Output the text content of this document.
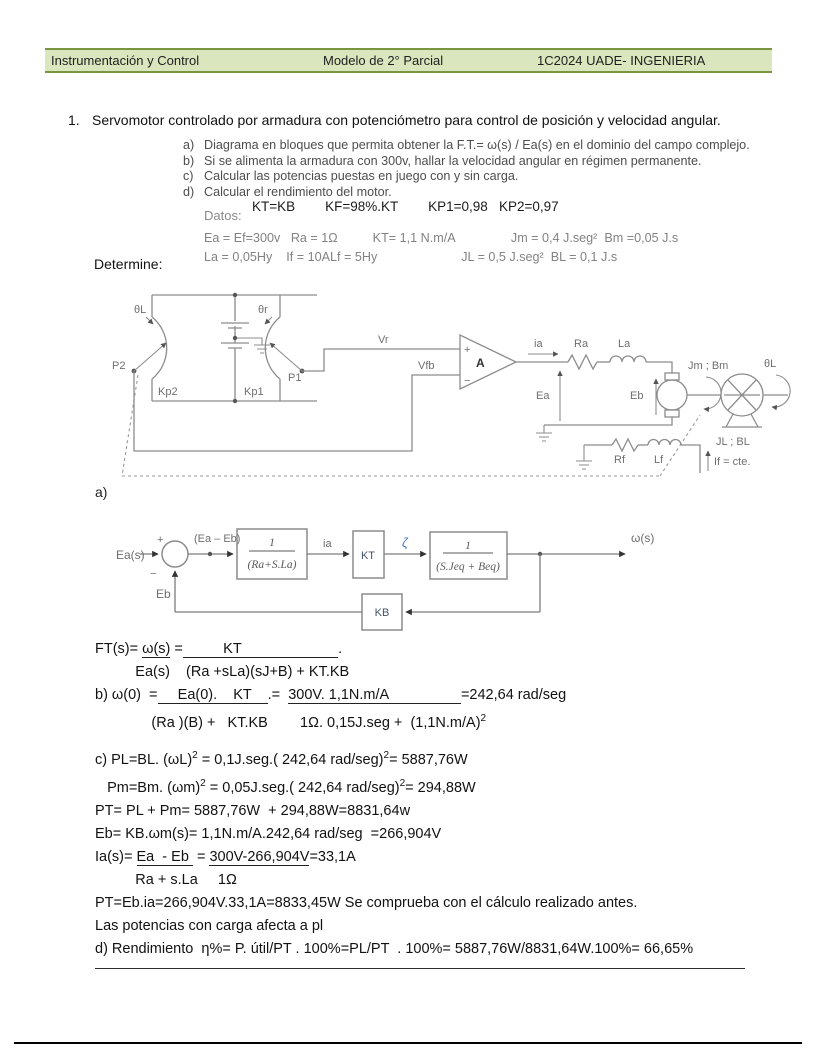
Instrumentación y Control	Modelo de 2° Parcial	1C2024 UADE- INGENIERIA
1. Servomotor controlado por armadura con potenciómetro para control de posición y velocidad angular.
a) Diagrama en bloques que permita obtener la F.T.= ω(s) / Ea(s) en el dominio del campo complejo.
b) Si se alimenta la armadura con 300v, hallar la velocidad angular en régimen permanente.
c) Calcular las potencias puestas en juego con y sin carga.
d) Calcular el rendimiento del motor.
KT=KB        KF=98%.KT        KP1=0,98   KP2=0,97
Datos:
Ea = Ef=300v   Ra = 1Ω          KT= 1,1 N.m/A                Jm = 0,4 J.seg²  Bm =0,05 J.s
La = 0,05Hy    If = 10ALf = 5Hy                        JL = 0,5 J.seg²  BL = 0,1 J.s
Determine:
P2
θL
Kp2
θr
P1
Kp1
Vr
Vfb
+
−
A
ia	Ra	La
Ea	Eb
Jm ; Bm	θL
JL ; BL
Rf	Lf	If = cte.
a)
Ea(s)
+
−
(Ea – Eb) 1
(Ra+S.La)
ia
KT
ζ	1
(S.Jeq + Beq)
ω(s)
KB
Eb
FT(s)= ω(s) =          KT                        .
Ea(s)    (Ra +sLa)(sJ+B) + KT.KB
b) ω(0)  =     Ea(0).    KT    .=  300V. 1,1N.m/A                  =242,64 rad/seg
(Ra )(B) +   KT.KB        1Ω. $0,15J.seg + (1,1N.m/A)^2$
c) PL=BL. $(\omega L)^2 = 0,1J.seg$.( 242,64 rad/seg)$^2$= 5887,76W
Pm=Bm. $(\omega m)^2 = 0,05J.seg$.( 242,64 rad/seg)$^2$= 294,88W
PT= PL + Pm= 5887,76W  + 294,88W=8831,64w
Eb= KB.ωm(s)= 1,1N.m/A.242,64 rad/seg  =266,904V
Ia(s)= Ea  - Eb  = 300V-266,904V=33,1A
Ra + s.La     1Ω
PT=Eb.ia=266,904V.33,1A=8833,45W Se comprueba con el cálculo realizado antes.
Las potencias con carga afecta a pl
d) Rendimiento  η%= P. útil/PT . 100%=PL/PT  . 100%= 5887,76W/8831,64W.100%= 66,65%
